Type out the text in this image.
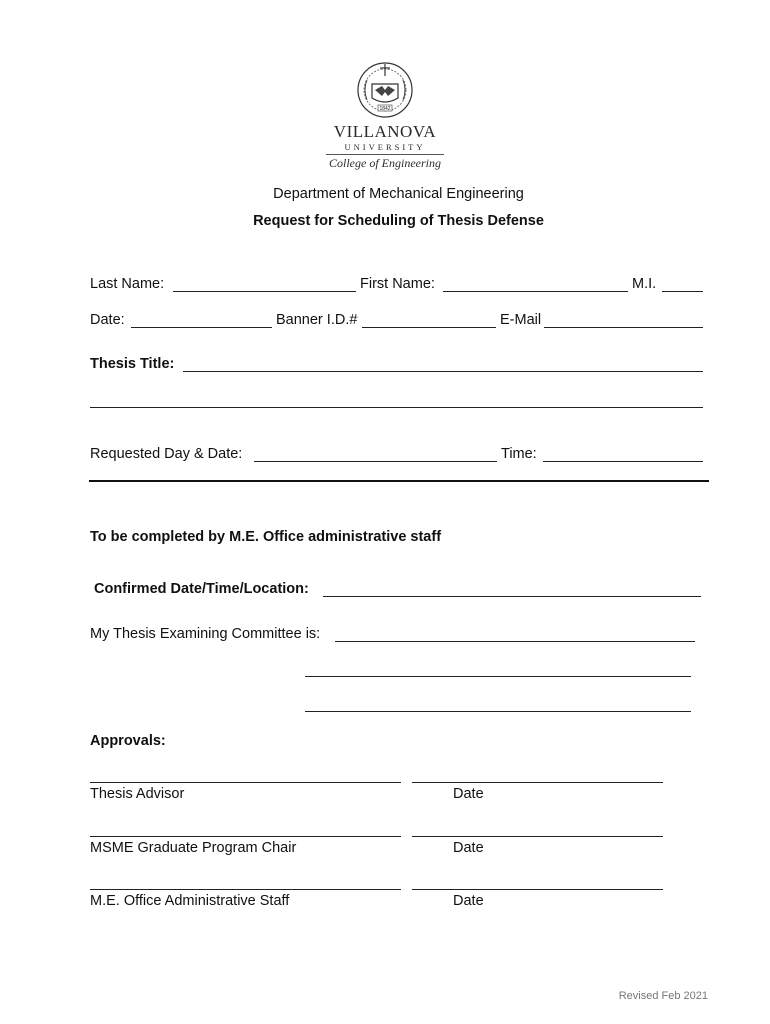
1842
VILLANOVA
UNIVERSITY
College of Engineering
Department of Mechanical Engineering
Request for Scheduling of Thesis Defense
Last Name:	First Name:	M.I.
Date:	Banner I.D.#	E-Mail
Thesis Title:
Requested Day & Date:	Time:
To be completed by M.E. Office administrative staff
Confirmed Date/Time/Location:
My Thesis Examining Committee is:
Approvals:
Thesis Advisor	Date
MSME Graduate Program Chair	Date
M.E. Office Administrative Staff	Date
Revised Feb 2021
